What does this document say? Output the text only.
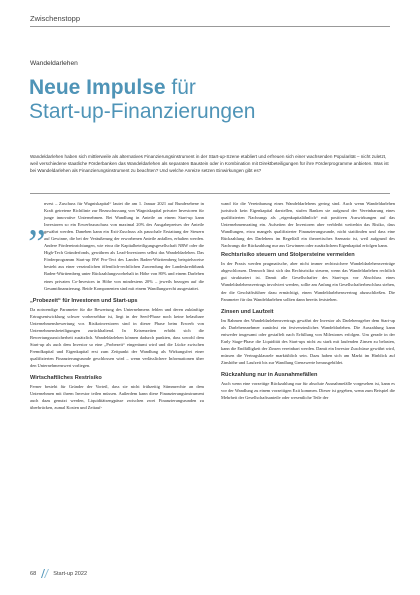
Zwischenstopp
Wandeldarlehen
Neue Impulse für
Start-up-Finanzierungen

Wandeldarlehen haben sich mittlerweile als alternatives Finanzierungsinstrument in der Start-up-Szene etabliert und erfreuen sich einer wachsenden Popularität – nicht zuletzt, weil verschiedene staatliche Förderbanken das Wandeldarlehen als separaten Baustein oder in Kombination mit Direktbeteiligungen für ihre Förderprogramme anbieten. Was ist bei Wandeldarlehen als Finanzierungsinstrument zu beachten? Und welche Anreize setzen Einwirkungen gibt es?

„

nvest – Zuschuss für Wagniskapital“ lautet die am 1. Januar 2021 auf Bundesebene in Kraft getretene Richtlinie zur Bezuschussung von Wagniskapital privater Investoren für junge innovative Unternehmen. Bei Wandlung in Anteile an einem Start-up kann Investoren so ein Erwerbszuschuss von maximal 20% des Ausgabepreises der Anteile gewährt werden. Daneben kann ein Exit-Zuschuss als pauschale Erstattung der Steuern auf Gewinne, die bei der Veräußerung der erworbenen Anteile anfallen, erhalten werden. Andere Förderеinrichtungen, wie etwa die Kapitalbeteiligungsgesellschaft NRW oder die High-Tech Gründerfonds, gewähren als Lead-Investoren selbst das Wandeldarlehen. Das Förderprogramm Start-up BW Pro-Tect des Landes Baden-Württemberg beispielsweise besteht aus einer verzinslichen öffentlich-rechtlichen Zuwendung der Landeskreditbank Baden-Württemberg unter Rückzahlungsvorbehalt in Höhe von 80% und einem Darlehen eines privaten Co-Investors in Höhe von mindestens 20% – jeweils bezogen auf die Gesamtfinanzierung. Beide Komponenten sind mit einem Wandlungsrecht ausgestattet.

„Probezeit“ für Investoren und Start-ups

Da notwendige Parameter für die Bewertung des Unternehmens fehlen und deren zukünftige Ertragsentwicklung schwer vorhersehbar ist, liegt in der Seed-Phase noch keine belastbare Unternehmensbewertung vor. Risikoinvestoren sind in dieser Phase beim Erwerb von Unternehmensbeteiligungen zurückhaltend. In Krisenzeiten erhöht sich die Bewertungsunsicherheit zusätzlich. Wandeldarlehen können dadurch punkten, dass sowohl dem Start-up als auch dem Investor so eine „Probezeit“ eingeräumt wird und die Lücke zwischen Fremdkapital und Eigenkapital erst zum Zeitpunkt der Wandlung als Wirkungsfrei einer qualifizierten Finanzierungsrunde geschlossen wird – wenn verlässlichere Informationen über den Unternehmenswert vorliegen.

Wirtschaftliches Restrisiko

Ferner besteht für Gründer der Vorteil, dass sie nicht frühzeitig Stimmrechte an dem Unternehmen mit ihrem Investor teilen müssen. Außerdem kann diese Finanzierungsinstrument auch dazu genutzt werden, Liquiditätsengpässe zwischen zwei Finanzierungsrunden zu überbrücken, zumal Kosten und Zeitauf-

wand für die Vereinbarung eines Wandeldarlehens gering sind. Auch wenn Wandeldarlehen juristisch kein Eigenkapital darstellen, stufen Banken sie aufgrund der Vereinbarung eines qualifizierten Nachrangs als „eigenkapitalähnlich“ mit positiven Auswirkungen auf das Unternehmensrating ein. Aufseiten der Investoren aber verbleibt weiterhin das Risiko, dass Wandlungen, etwa mangels qualifizierter Finanzierungsrunde, nicht stattfinden und dass eine Rückzahlung des Darlehens im Regelfall ein theoretisches Szenario ist, weil aufgrund des Nachrangs die Rückzahlung nur aus Gewinnen oder zusätzlichem Eigenkapital erfolgen kann.

Rechtsrisiko steuern und Stolpersteine vermeiden

In der Praxis werden pragmatische, aber nicht immer rechtssichere Wandeldarlehensverträge abgeschlossen. Dennoch lässt sich das Rechtsrisiko steuern, wenn das Wandeldarlehen rechtlich gut strukturiert ist. Damit alle Gesellschafter des Start-ups vor Abschluss eines Wandeldarlehensvertrags involviert werden, sollte am Anfang ein Gesellschafterbeschluss stehen, der die Geschäftsführer dazu ermächtigt, einen Wandeldarlehensvertrag abzuschließen. Die Parameter für das Wandeldarlehen sollten dann bereits feststehen.

Zinsen und Laufzeit

Im Rahmen des Wandeldarlehensvertrags gewährt der Investor als Darlehensgeber dem Start-up als Darlehensnehmer zunächst ein festverzinsliches Wandeldarlehen. Die Auszahlung kann entweder insgesamt oder gestaffelt nach Erfüllung von Milestones erfolgen. Um gerade in der Early Stage-Phase die Liquidität des Start-ups nicht zu stark mit laufenden Zinsen zu belasten, kann die Endfälligkeit der Zinsen vereinbart werden. Damit ein Investor Zuschüsse gewährt wird, müssen die Vertragsklausele marktüblich sein. Dazu haben sich am Markt im Hinblick auf Zinshöhe und Laufzeit bis zur Wandlung Grenzwerte herausgebildet.

Rückzahlung nur in Ausnahmefällen

Auch wenn eine vorzeitige Rückzahlung nur für absolute Ausnahmefälle vorgesehen ist, kann es vor der Wandlung zu einem vorzeitigen Exit kommen. Dieser ist gegeben, wenn zum Beispiel die Mehrheit der Gesellschaftsanteile oder wesentliche Teile der

68	Start-up 2022
